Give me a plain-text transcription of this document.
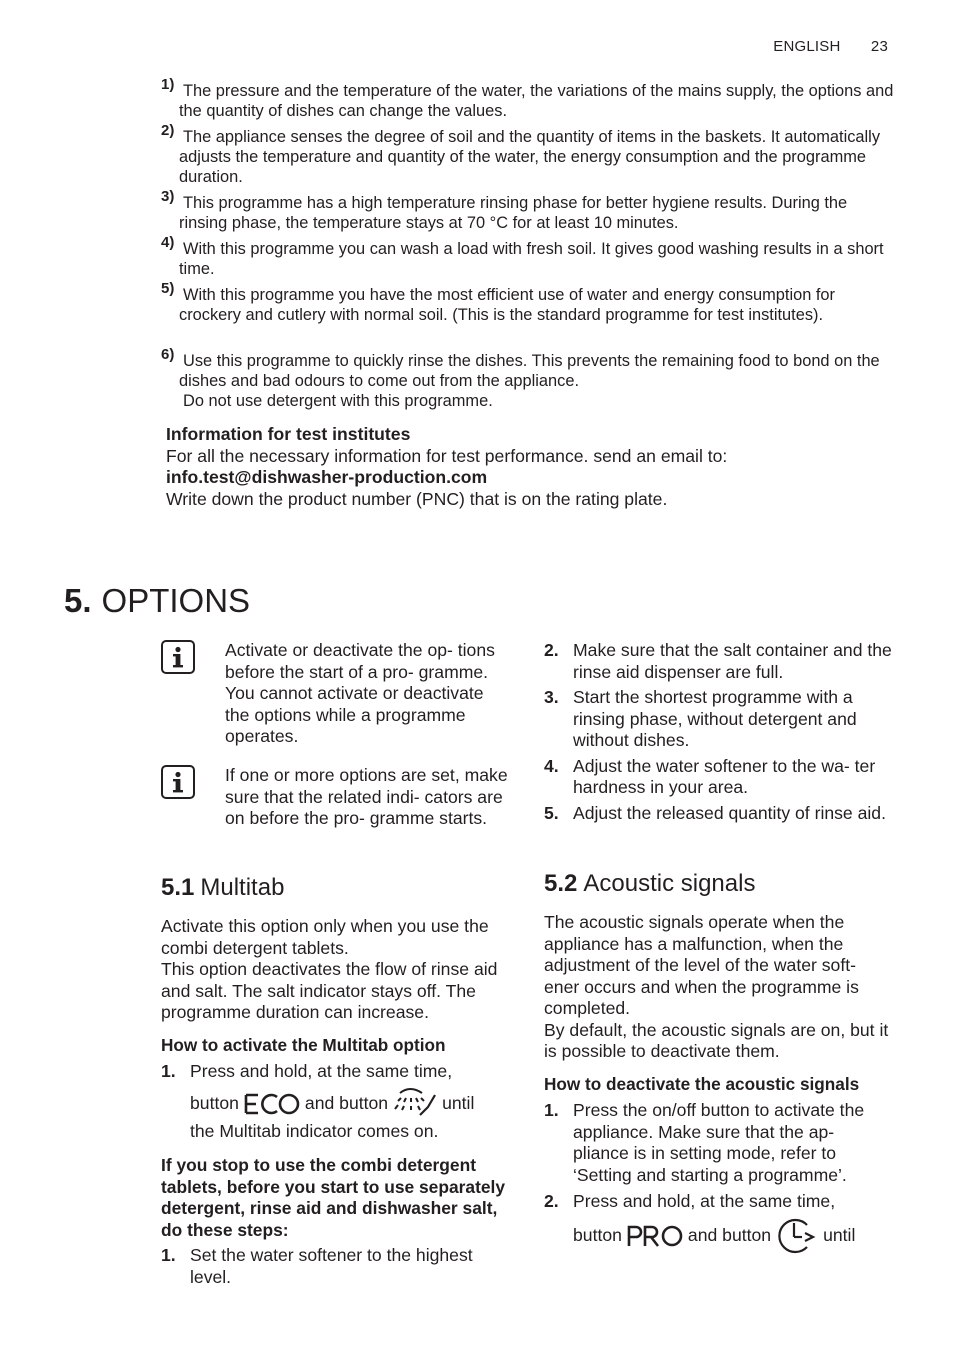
ENGLISH 23
1) The pressure and the temperature of the water, the variations of the mains supply, the options and the quantity of dishes can change the values.
2) The appliance senses the degree of soil and the quantity of items in the baskets. It automatically adjusts the temperature and quantity of the water, the energy consumption and the programme duration.
3) This programme has a high temperature rinsing phase for better hygiene results. During the rinsing phase, the temperature stays at 70 °C for at least 10 minutes.
4) With this programme you can wash a load with fresh soil. It gives good washing results in a short time.
5) With this programme you have the most efficient use of water and energy consumption for crockery and cutlery with normal soil. (This is the standard programme for test institutes).
6) Use this programme to quickly rinse the dishes. This prevents the remaining food to bond on the dishes and bad odours to come out from the appliance.
Do not use detergent with this programme.
Information for test institutes
For all the necessary information for test performance. send an email to:
info.test@dishwasher-production.com
Write down the product number (PNC) that is on the rating plate.
5. OPTIONS
Activate or deactivate the op- tions before the start of a pro- gramme. You cannot activate or deactivate the options while a programme operates.
If one or more options are set, make sure that the related indi- cators are on before the pro- gramme starts.
5.1 Multitab
Activate this option only when you use the combi detergent tablets.
This option deactivates the flow of rinse aid and salt. The salt indicator stays off. The programme duration can increase.
How to activate the Multitab option
1. Press and hold, at the same time,
button	and button	until
the Multitab indicator comes on.
If you stop to use the combi detergent tablets, before you start to use separately detergent, rinse aid and dishwasher salt, do these steps:
1. Set the water softener to the highest level.
2. Make sure that the salt container and the rinse aid dispenser are full.
3. Start the shortest programme with a rinsing phase, without detergent and without dishes.
4. Adjust the water softener to the wa- ter hardness in your area.
5. Adjust the released quantity of rinse aid.
5.2 Acoustic signals
The acoustic signals operate when the appliance has a malfunction, when the adjustment of the level of the water soft- ener occurs and when the programme is completed.
By default, the acoustic signals are on, but it is possible to deactivate them.
How to deactivate the acoustic signals
1. Press the on/off button to activate the appliance. Make sure that the ap- pliance is in setting mode, refer to ‘Setting and starting a programme’.
2. Press and hold, at the same time,
button	and button	until
